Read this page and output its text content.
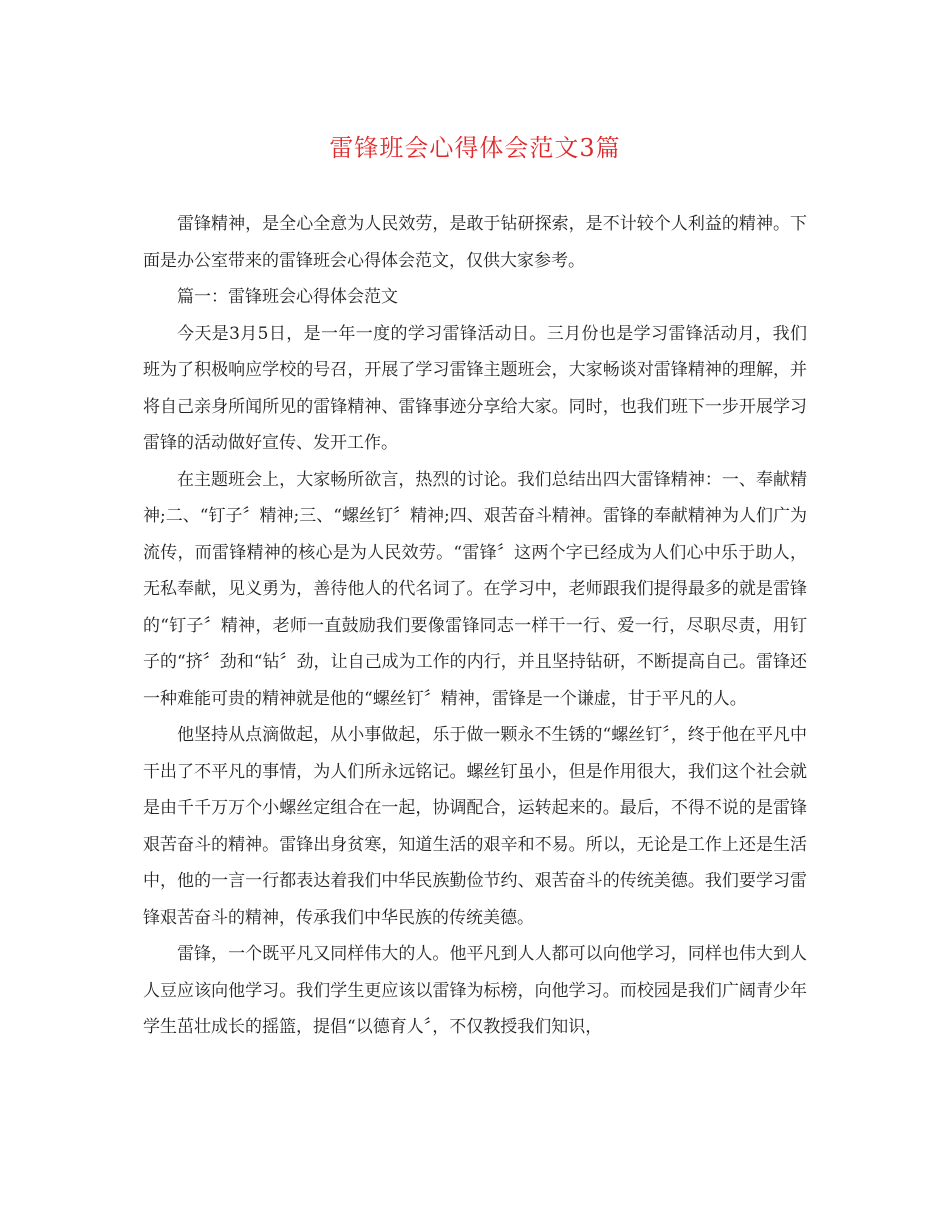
雷锋班会心得体会范文3篇

雷锋精神，是全心全意为人民效劳，是敢于钻研探索，是不计较个人利益的精神。下面是办公室带来的雷锋班会心得体会范文，仅供大家参考。

篇一：雷锋班会心得体会范文

今天是3月5日，是一年一度的学习雷锋活动日。三月份也是学习雷锋活动月，我们班为了积极响应学校的号召，开展了学习雷锋主题班会，大家畅谈对雷锋精神的理解，并将自己亲身所闻所见的雷锋精神、雷锋事迹分享给大家。同时，也我们班下一步开展学习雷锋的活动做好宣传、发开工作。

在主题班会上，大家畅所欲言，热烈的讨论。我们总结出四大雷锋精神：一、奉献精神;二、“钉子〞精神;三、“螺丝钉〞精神;四、艰苦奋斗精神。雷锋的奉献精神为人们广为流传，而雷锋精神的核心是为人民效劳。“雷锋〞这两个字已经成为人们心中乐于助人，无私奉献，见义勇为，善待他人的代名词了。在学习中，老师跟我们提得最多的就是雷锋的“钉子〞精神，老师一直鼓励我们要像雷锋同志一样干一行、爱一行，尽职尽责，用钉子的“挤〞劲和“钻〞劲，让自己成为工作的内行，并且坚持钻研，不断提高自己。雷锋还一种难能可贵的精神就是他的“螺丝钉〞精神，雷锋是一个谦虚，甘于平凡的人。

他坚持从点滴做起，从小事做起，乐于做一颗永不生锈的“螺丝钉〞，终于他在平凡中干出了不平凡的事情，为人们所永远铭记。螺丝钉虽小，但是作用很大，我们这个社会就是由千千万万个小螺丝定组合在一起，协调配合，运转起来的。最后，不得不说的是雷锋艰苦奋斗的精神。雷锋出身贫寒，知道生活的艰辛和不易。所以，无论是工作上还是生活中，他的一言一行都表达着我们中华民族勤俭节约、艰苦奋斗的传统美德。我们要学习雷锋艰苦奋斗的精神，传承我们中华民族的传统美德。

雷锋，一个既平凡又同样伟大的人。他平凡到人人都可以向他学习，同样也伟大到人人豆应该向他学习。我们学生更应该以雷锋为标榜，向他学习。而校园是我们广阔青少年学生茁壮成长的摇篮，提倡“以德育人〞，不仅教授我们知识，
